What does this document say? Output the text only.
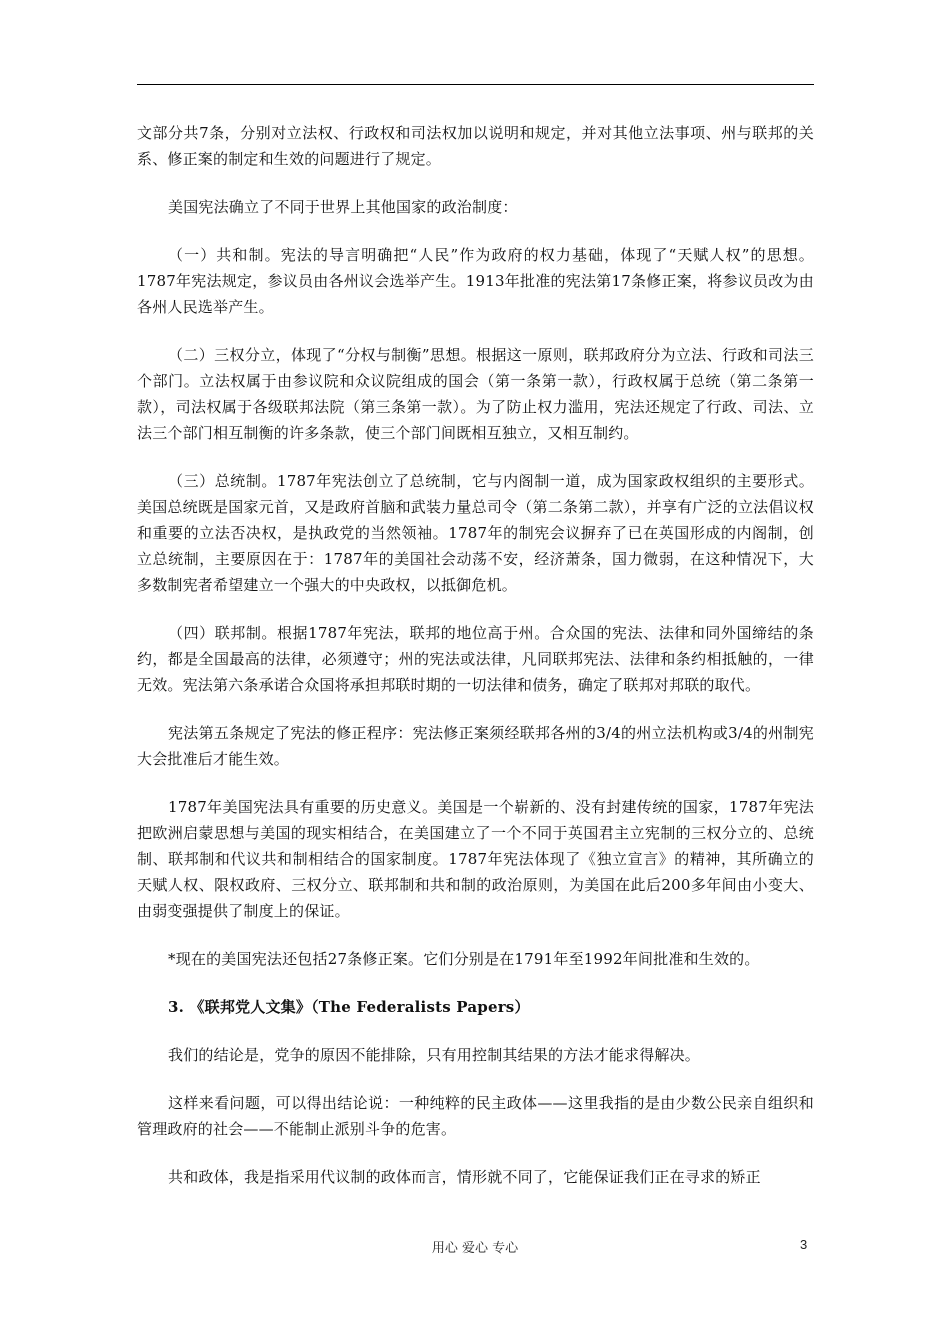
文部分共7条，分别对立法权、行政权和司法权加以说明和规定，并对其他立法事项、州与联邦的关系、修正案的制定和生效的问题进行了规定。

美国宪法确立了不同于世界上其他国家的政治制度：

（一）共和制。宪法的导言明确把“人民”作为政府的权力基础，体现了“天赋人权”的思想。1787年宪法规定，参议员由各州议会选举产生。1913年批准的宪法第17条修正案，将参议员改为由各州人民选举产生。

（二）三权分立，体现了“分权与制衡”思想。根据这一原则，联邦政府分为立法、行政和司法三个部门。立法权属于由参议院和众议院组成的国会（第一条第一款），行政权属于总统（第二条第一款），司法权属于各级联邦法院（第三条第一款）。为了防止权力滥用，宪法还规定了行政、司法、立法三个部门相互制衡的许多条款，使三个部门间既相互独立，又相互制约。

（三）总统制。1787年宪法创立了总统制，它与内阁制一道，成为国家政权组织的主要形式。美国总统既是国家元首，又是政府首脑和武装力量总司令（第二条第二款），并享有广泛的立法倡议权和重要的立法否决权，是执政党的当然领袖。1787年的制宪会议摒弃了已在英国形成的内阁制，创立总统制，主要原因在于：1787年的美国社会动荡不安，经济萧条，国力微弱，在这种情况下，大多数制宪者希望建立一个强大的中央政权，以抵御危机。

（四）联邦制。根据1787年宪法，联邦的地位高于州。合众国的宪法、法律和同外国缔结的条约，都是全国最高的法律，必须遵守；州的宪法或法律，凡同联邦宪法、法律和条约相抵触的，一律无效。宪法第六条承诺合众国将承担邦联时期的一切法律和债务，确定了联邦对邦联的取代。

宪法第五条规定了宪法的修正程序：宪法修正案须经联邦各州的3/4的州立法机构或3/4的州制宪大会批准后才能生效。

1787年美国宪法具有重要的历史意义。美国是一个崭新的、没有封建传统的国家，1787年宪法把欧洲启蒙思想与美国的现实相结合，在美国建立了一个不同于英国君主立宪制的三权分立的、总统制、联邦制和代议共和制相结合的国家制度。1787年宪法体现了《独立宣言》的精神，其所确立的天赋人权、限权政府、三权分立、联邦制和共和制的政治原则，为美国在此后200多年间由小变大、由弱变强提供了制度上的保证。

*现在的美国宪法还包括27条修正案。它们分别是在1791年至1992年间批准和生效的。

3. 《联邦党人文集》（The Federalists Papers）

我们的结论是，党争的原因不能排除，只有用控制其结果的方法才能求得解决。

这样来看问题，可以得出结论说：一种纯粹的民主政体——这里我指的是由少数公民亲自组织和管理政府的社会——不能制止派别斗争的危害。

共和政体，我是指采用代议制的政体而言，情形就不同了，它能保证我们正在寻求的矫正

用心 爱心 专心	3
